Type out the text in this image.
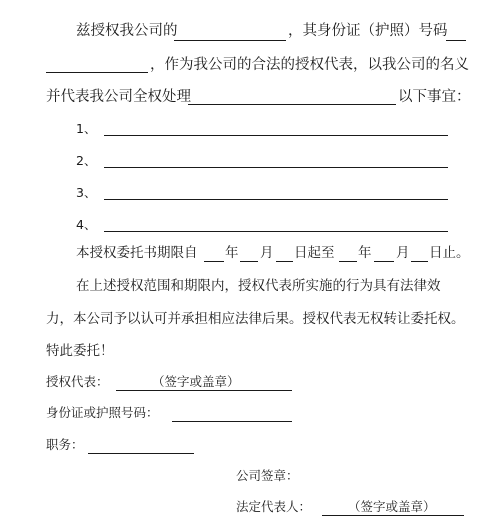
兹授权我公司的	，其身份证（护照）号码
，作为我公司的合法的授权代表，以我公司的名义
并代表我公司全权处理	以下事宜：
1、
2、
3、
4、
本授权委托书期限自 年 月 日起至 年 月 日止。
在上述授权范围和期限内，授权代表所实施的行为具有法律效
力，本公司予以认可并承担相应法律后果。授权代表无权转让委托权。
特此委托！
授权代表：	（签字或盖章）
身份证或护照号码：
职务：
公司签章：
法定代表人：	（签字或盖章）
